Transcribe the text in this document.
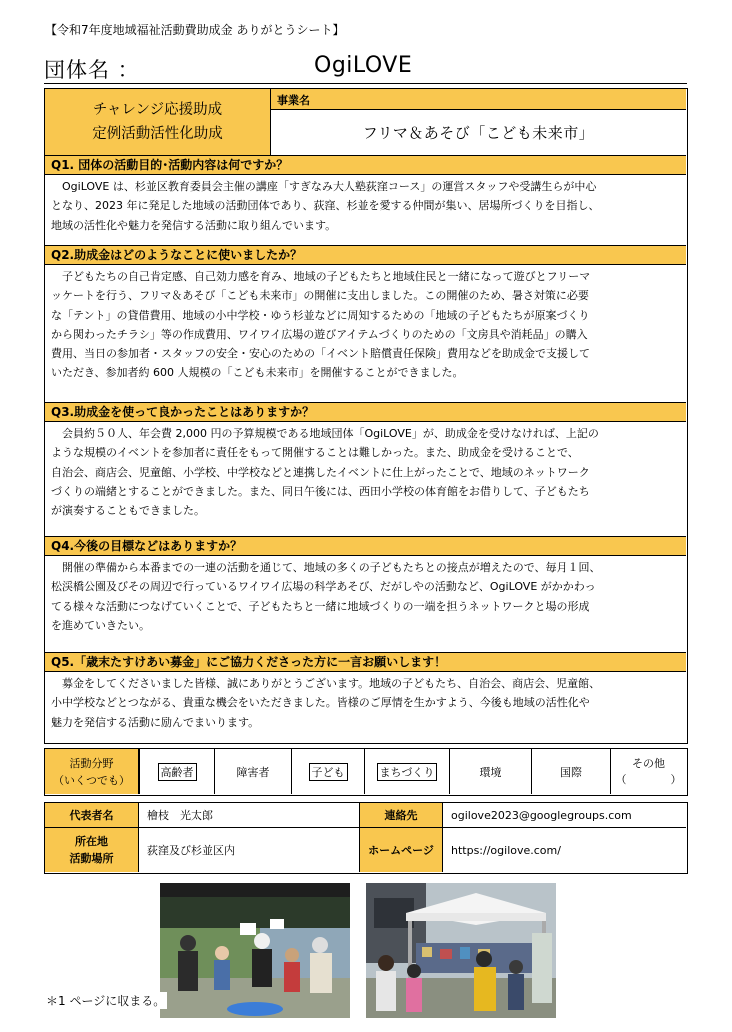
【令和7年度地域福祉活動費助成金 ありがとうシート】
団体名 ：	OgiLOVE
チャレンジ応援助成
定例活動活性化助成
事業名
フリマ＆あそび「こども未来市」
Q1. 団体の活動目的･活動内容は何ですか？
　OgiLOVE は、杉並区教育委員会主催の講座「すぎなみ大人塾荻窪コース」の運営スタッフや受講生らが中心
となり、2023 年に発足した地域の活動団体であり、荻窪、杉並を愛する仲間が集い、居場所づくりを目指し、
地域の活性化や魅力を発信する活動に取り組んでいます。
Q2.助成金はどのようなことに使いましたか？
　子どもたちの自己肯定感、自己効力感を育み、地域の子どもたちと地域住民と一緒になって遊びとフリーマ
ッケートを行う、フリマ＆あそび「こども未来市」の開催に支出しました。この開催のため、暑さ対策に必要
な「テント」の貸借費用、地域の小中学校・ゆう杉並などに周知するための「地域の子どもたちが原案づくり
から関わったチラシ」等の作成費用、ワイワイ広場の遊びアイテムづくりのための「文房具や消耗品」の購入
費用、当日の参加者・スタッフの安全・安心のための「イベント賠償責任保険」費用などを助成金で支援して
いただき、参加者約 600 人規模の「こども未来市」を開催することができました。
Q3.助成金を使って良かったことはありますか？
　会員約５０人、年会費 2,000 円の予算規模である地域団体「OgiLOVE」が、助成金を受けなければ、上記の
ような規模のイベントを参加者に責任をもって開催することは難しかった。また、助成金を受けることで、
自治会、商店会、児童館、小学校、中学校などと連携したイベントに仕上がったことで、地域のネットワーク
づくりの端緒とすることができました。また、同日午後には、西田小学校の体育館をお借りして、子どもたち
が演奏することもできました。
Q4.今後の目標などはありますか？
　開催の準備から本番までの一連の活動を通じて、地域の多くの子どもたちとの接点が増えたので、毎月１回、
松渓橋公園及びその周辺で行っているワイワイ広場の科学あそび、だがしやの活動など、OgiLOVE がかかわっ
てる様々な活動につなげていくことで、子どもたちと一緒に地域づくりの一端を担うネットワークと場の形成
を進めていきたい。
Q5.「歳末たすけあい募金」にご協力くださった方に一言お願いします！
　募金をしてくださいました皆様、誠にありがとうございます。地域の子どもたち、自治会、商店会、児童館、
小中学校などとつながる、貴重な機会をいただきました。皆様のご厚情を生かすよう、今後も地域の活性化や
魅力を発信する活動に励んでまいります。
活動分野
（いくつでも）
高齢者	障害者	子ども	まちづくり	環境	国際
その他
（　　　　）
代表者名	檜枝　光太郎	連絡先	ogilove2023@googlegroups.com
所在地
活動場所
荻窪及び杉並区内	ホームページ	https://ogilove.com/
＊1 ページに収まる。
